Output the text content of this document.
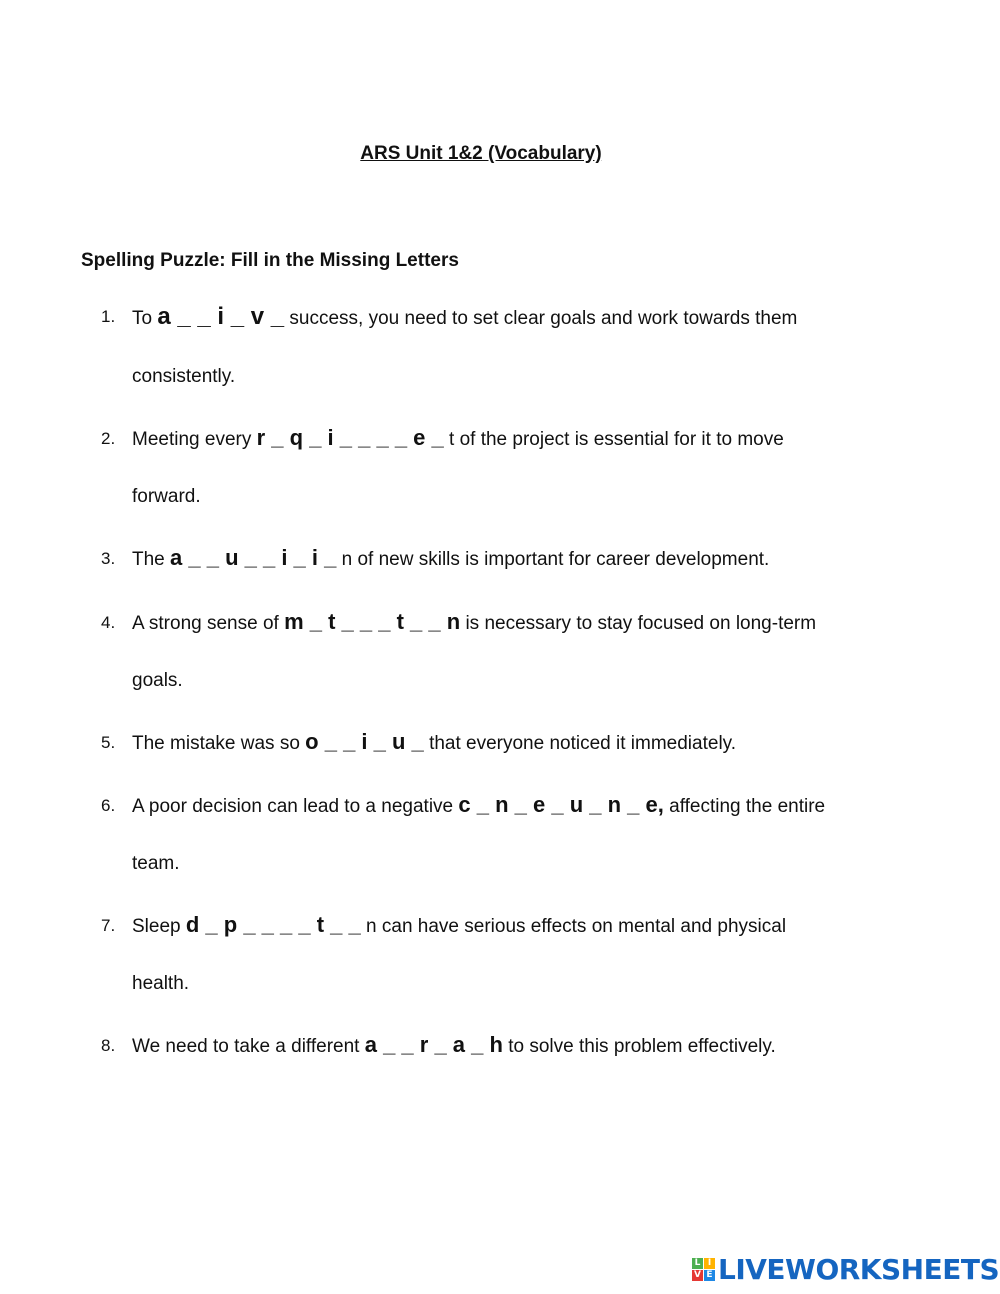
ARS Unit 1&2 (Vocabulary)
Spelling Puzzle: Fill in the Missing Letters
1. To a _ _ i _ v _ success, you need to set clear goals and work towards them
consistently.
2. Meeting every r _ q _ i _ _ _ _ e _ t of the project is essential for it to move
forward.
3. The a _ _ u _ _ i _ i _ n of new skills is important for career development.
4. A strong sense of m _ t _ _ _ t _ _ n is necessary to stay focused on long-term
goals.
5. The mistake was so o _ _ i _ u _ that everyone noticed it immediately.
6. A poor decision can lead to a negative c _ n _ e _ u _ n _ e, affecting the entire
team.
7. Sleep d _ p _ _ _ _ t _ _ n can have serious effects on mental and physical
health.
8. We need to take a different a _ _ r _ a _ h to solve this problem effectively.
L I
V E LIVEWORKSHEETS
